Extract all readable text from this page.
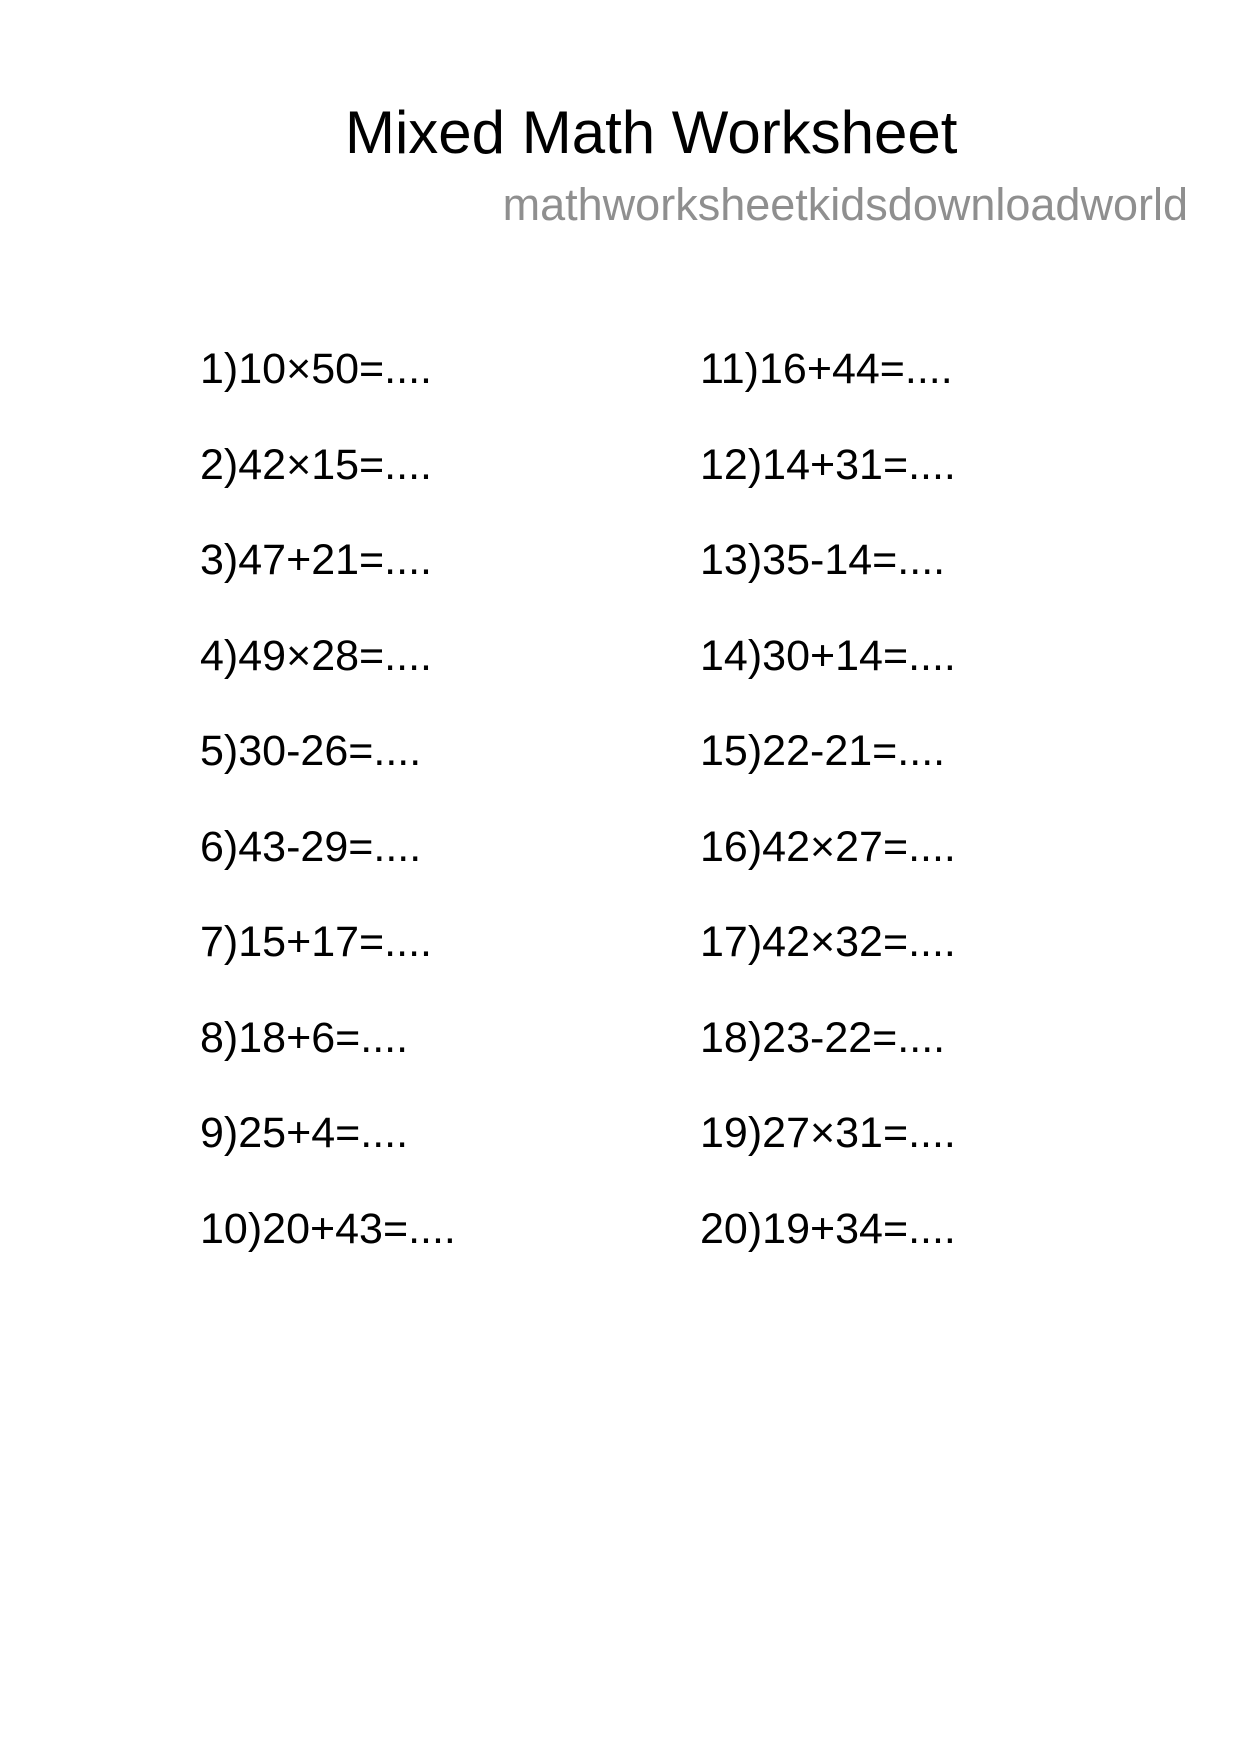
Mixed Math Worksheet
mathworksheetkidsdownloadworld
1) 10 × 50 = ....
2) 42 × 15 = ....
3) 47 + 21 = ....
4) 49 × 28 = ....
5) 30 - 26 = ....
6) 43 - 29 = ....
7) 15 + 17 = ....
8) 18 + 6 = ....
9) 25 + 4 = ....
10) 20 + 43 = ....
11) 16 + 44 = ....
12) 14 + 31 = ....
13) 35 - 14 = ....
14) 30 + 14 = ....
15) 22 - 21 = ....
16) 42 × 27 = ....
17) 42 × 32 = ....
18) 23 - 22 = ....
19) 27 × 31 = ....
20) 19 + 34 = ....
